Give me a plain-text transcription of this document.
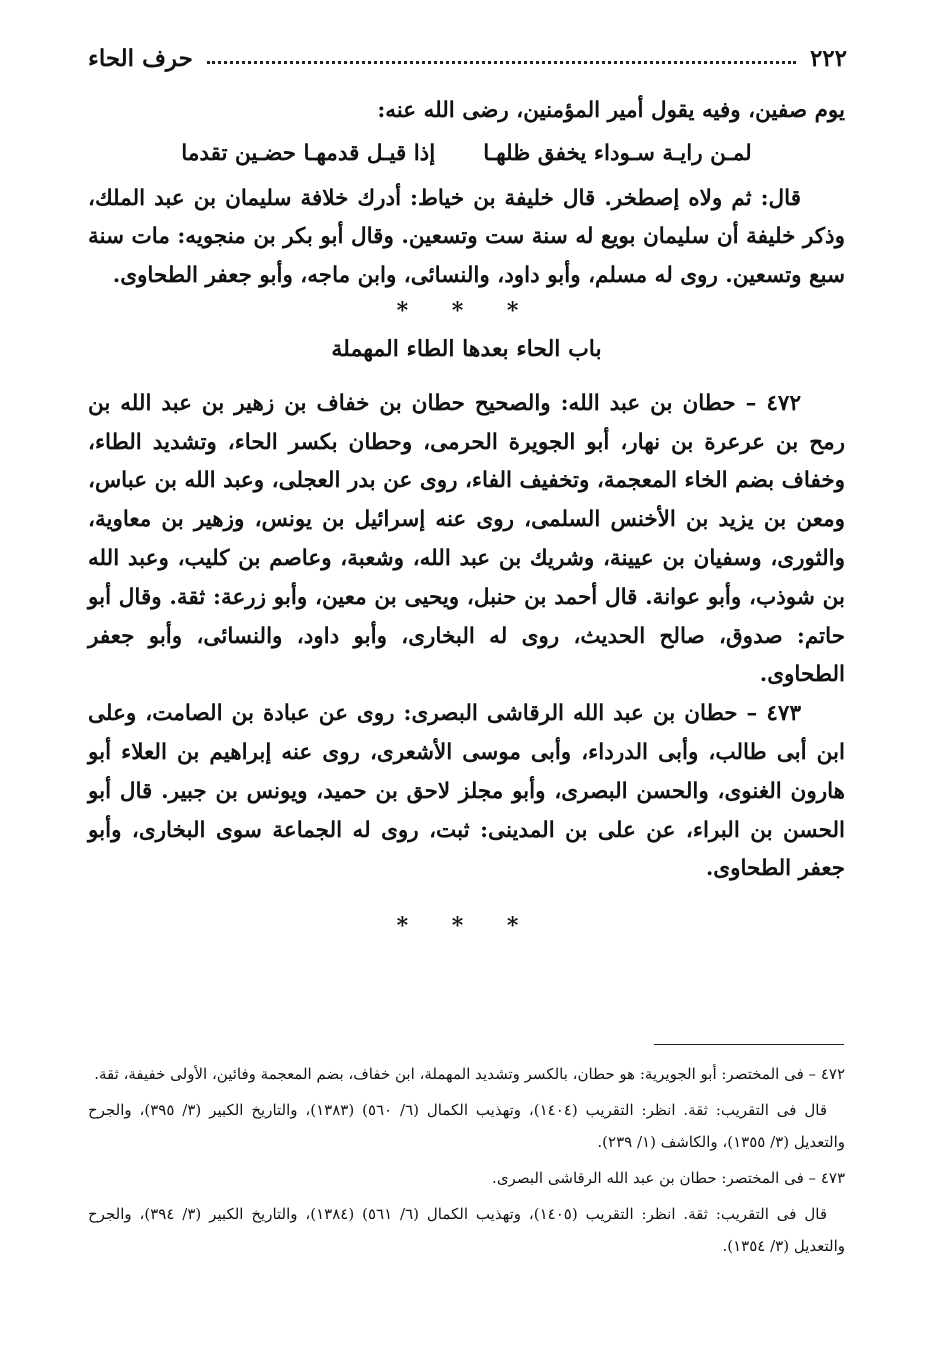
٢٢٢
حرف الحاء

يوم صفين، وفيه يقول أمير المؤمنين، رضى الله عنه:

لمـن رايـة سـوداء يخفق ظلهـا
إذا قيـل قدمهـا حضـين تقدما

قال: ثم ولاه إصطخر. قال خليفة بن خياط: أدرك خلافة سليمان بن عبد الملك، وذكر خليفة أن سليمان بويع له سنة ست وتسعين. وقال أبو بكر بن منجويه: مات سنة سبع وتسعين. روى له مسلم، وأبو داود، والنسائى، وابن ماجه، وأبو جعفر الطحاوى.

* * *

باب الحاء بعدها الطاء المهملة

٤٧٢ – حطان بن عبد الله: والصحيح حطان بن خفاف بن زهير بن عبد الله بن رمح بن عرعرة بن نهار، أبو الجويرة الحرمى، وحطان بكسر الحاء، وتشديد الطاء، وخفاف بضم الخاء المعجمة، وتخفيف الفاء، روى عن بدر العجلى، وعبد الله بن عباس، ومعن بن يزيد بن الأخنس السلمى، روى عنه إسرائيل بن يونس، وزهير بن معاوية، والثورى، وسفيان بن عيينة، وشريك بن عبد الله، وشعبة، وعاصم بن كليب، وعبد الله بن شوذب، وأبو عوانة. قال أحمد بن حنبل، ويحيى بن معين، وأبو زرعة: ثقة. وقال أبو حاتم: صدوق، صالح الحديث، روى له البخارى، وأبو داود، والنسائى، وأبو جعفر الطحاوى.

٤٧٣ – حطان بن عبد الله الرقاشى البصرى: روى عن عبادة بن الصامت، وعلى ابن أبى طالب، وأبى الدرداء، وأبى موسى الأشعرى، روى عنه إبراهيم بن العلاء أبو هارون الغنوى، والحسن البصرى، وأبو مجلز لاحق بن حميد، ويونس بن جبير. قال أبو الحسن بن البراء، عن على بن المدينى: ثبت، روى له الجماعة سوى البخارى، وأبو جعفر الطحاوى.

* * *

٤٧٢ – فى المختصر: أبو الجويرية: هو حطان، بالكسر وتشديد المهملة، ابن خفاف، بضم المعجمة وفائين، الأولى خفيفة، ثقة.

قال فى التقريب: ثقة. انظر: التقريب (١٤٠٤)، وتهذيب الكمال (٦/ ٥٦٠) (١٣٨٣)، والتاريخ الكبير (٣/ ٣٩٥)، والجرح والتعديل (٣/ ١٣٥٥)، والكاشف (١/ ٢٣٩).

٤٧٣ – فى المختصر: حطان بن عبد الله الرقاشى البصرى.

قال فى التقريب: ثقة. انظر: التقريب (١٤٠٥)، وتهذيب الكمال (٦/ ٥٦١) (١٣٨٤)، والتاريخ الكبير (٣/ ٣٩٤)، والجرح والتعديل (٣/ ١٣٥٤).
